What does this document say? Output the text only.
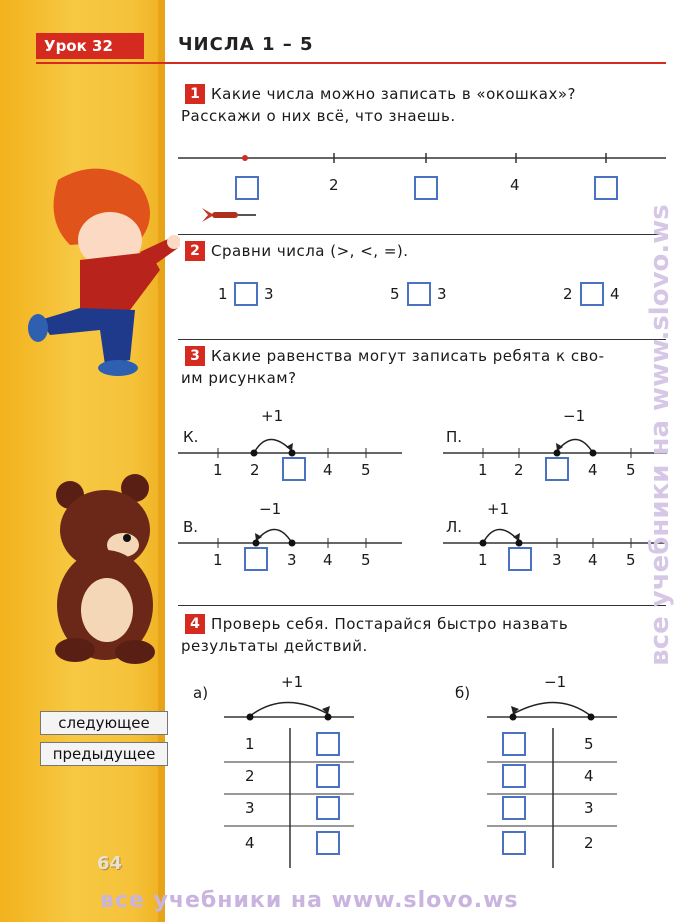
Урок 32	ЧИСЛА 1 – 5
1 Какие числа можно записать в «окошках»?
Расскажи о них всё, что знаешь.
2	4
2 Сравни числа (>, <, =).
1 3	5 3	2 4
3 Какие равенства могут записать ребята к сво-
им рисункам?
К.
+1
1 2	4 5
П.
−1
1 2	4 5
В.
−1
1	3 4 5
Л.
+1
1	3 4 5
4 Проверь себя. Постарайся быстро назвать
результаты действий.
а)
+1
1
2
3
4
б)
−1
5
4
3
2
следующее
предыдущее
64
все учебники на www.slovo.ws
все учебники на www.slovo.ws
